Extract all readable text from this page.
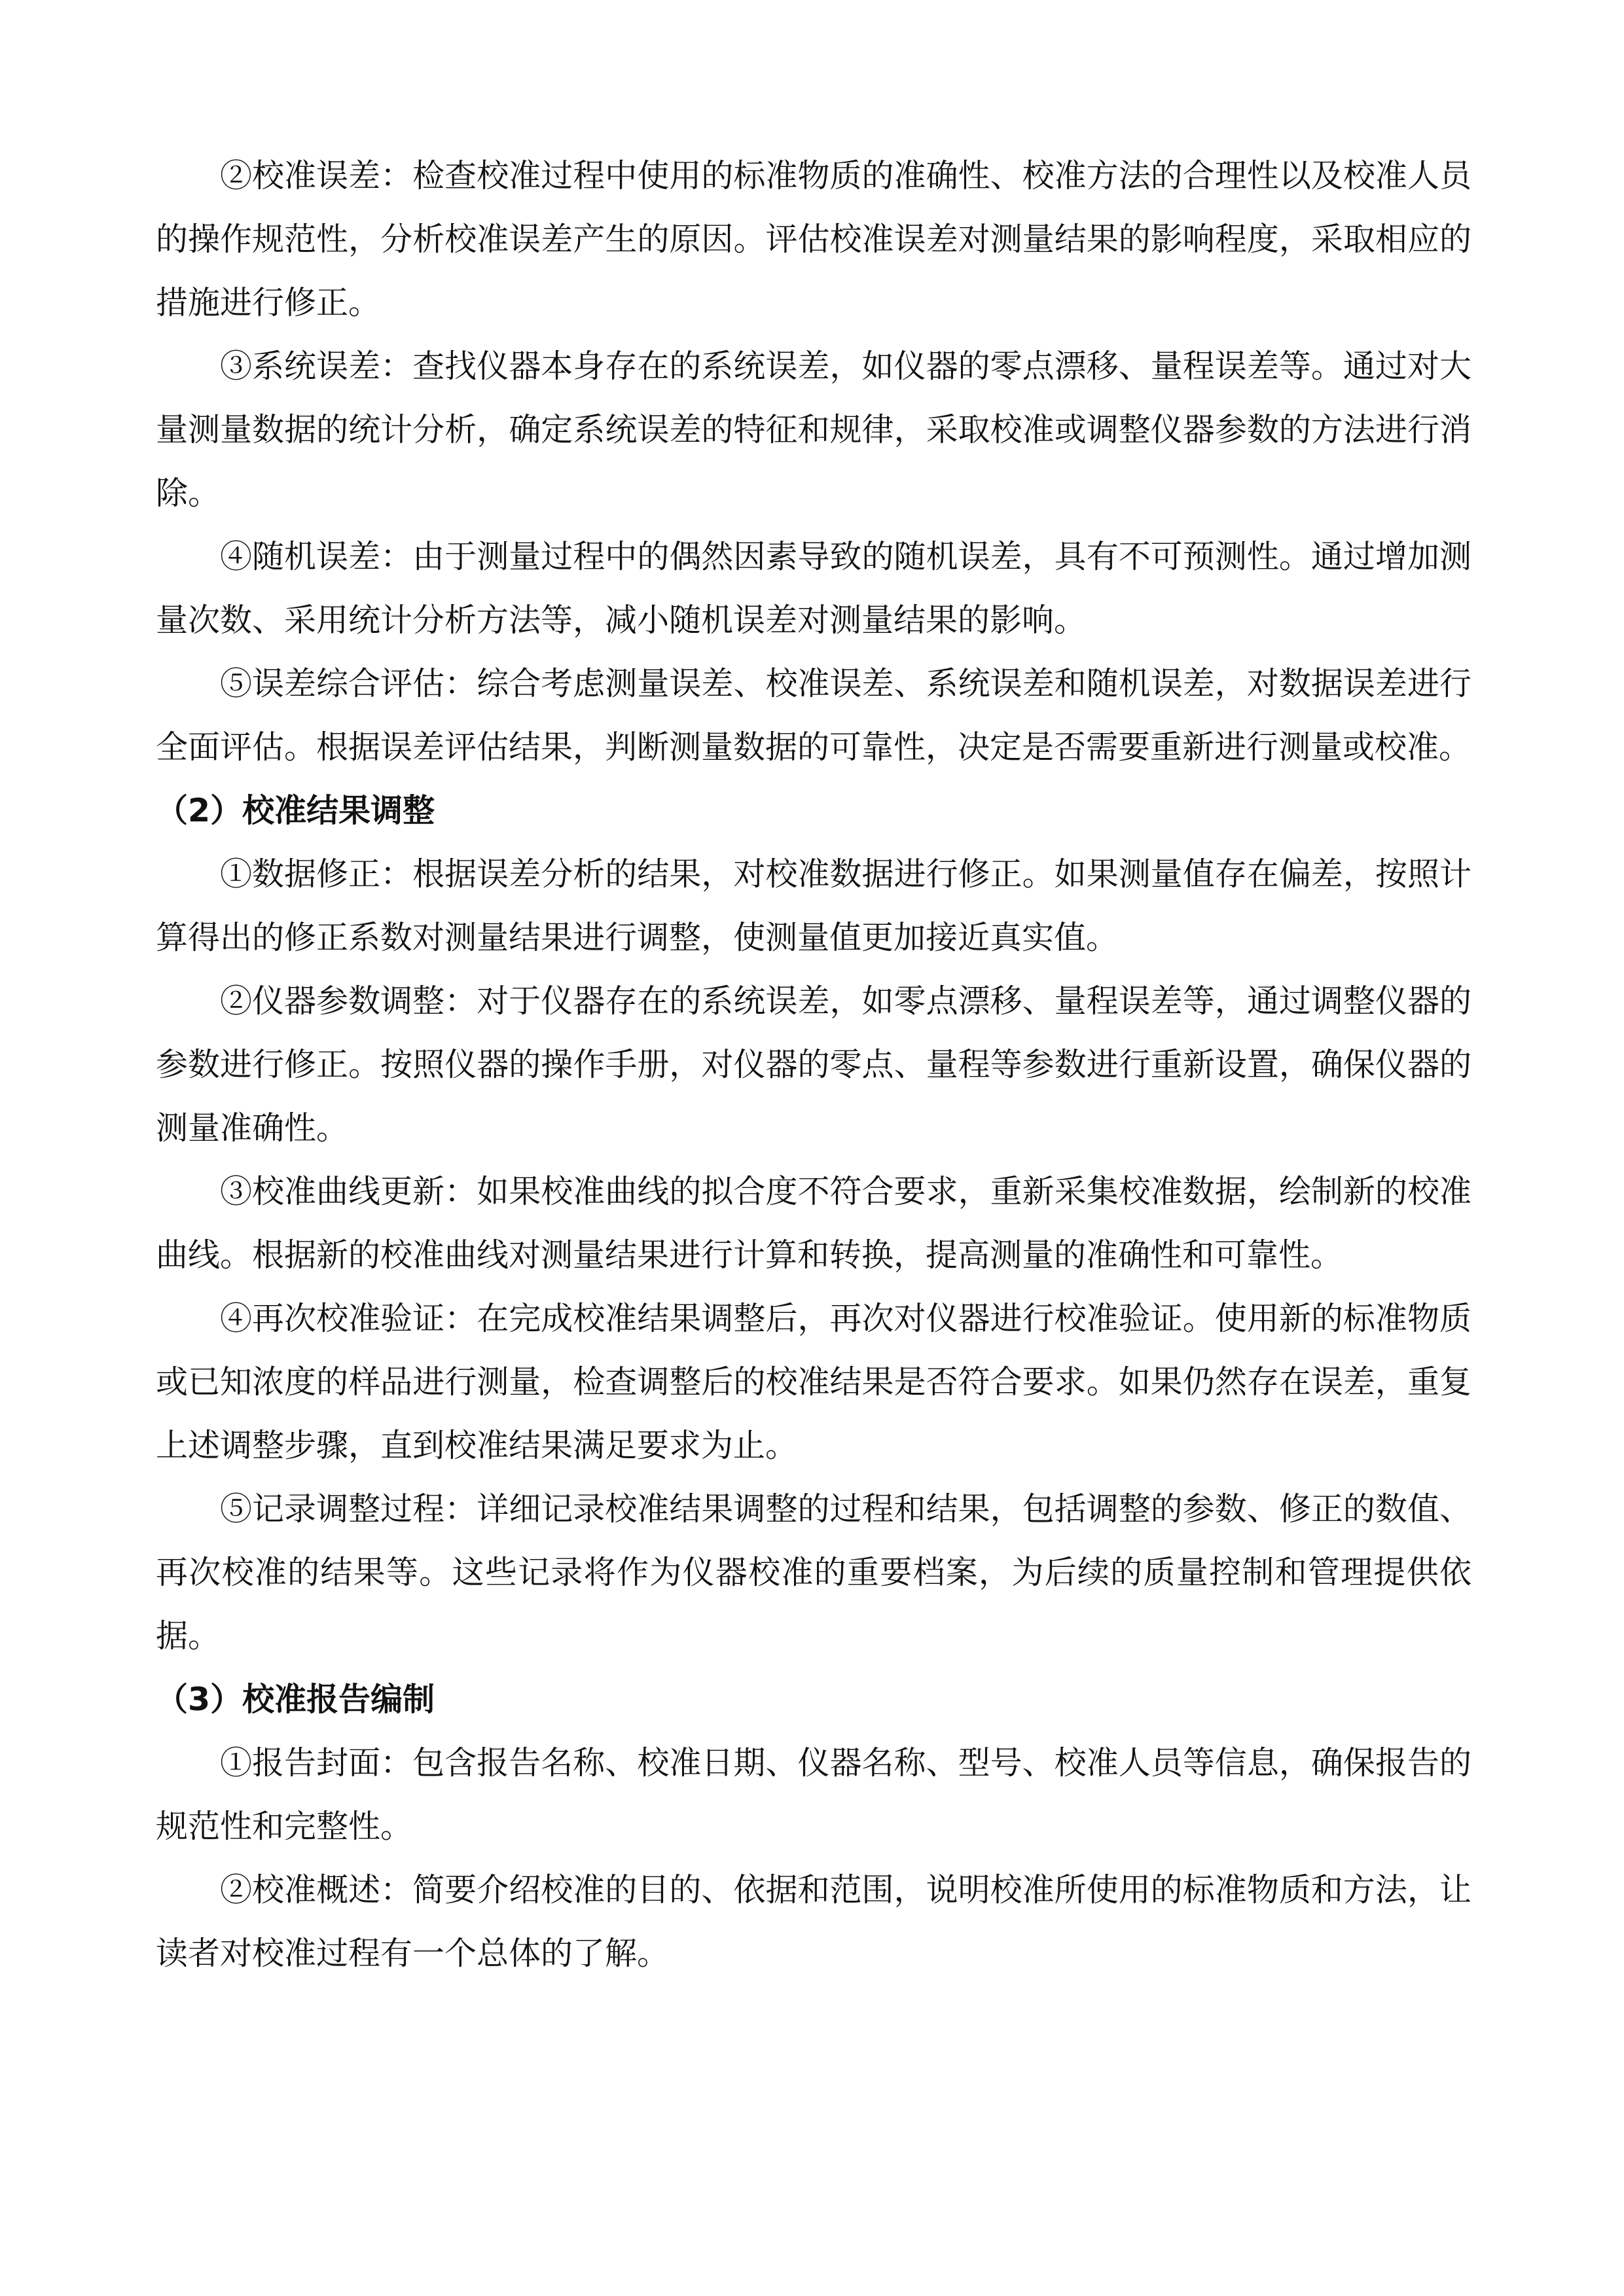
②校准误差：检查校准过程中使用的标准物质的准确性、校准方法的合理性以及校准人员的操作规范性，分析校准误差产生的原因。评估校准误差对测量结果的影响程度，采取相应的措施进行修正。

③系统误差：查找仪器本身存在的系统误差，如仪器的零点漂移、量程误差等。通过对大量测量数据的统计分析，确定系统误差的特征和规律，采取校准或调整仪器参数的方法进行消除。

④随机误差：由于测量过程中的偶然因素导致的随机误差，具有不可预测性。通过增加测量次数、采用统计分析方法等，减小随机误差对测量结果的影响。

⑤误差综合评估：综合考虑测量误差、校准误差、系统误差和随机误差，对数据误差进行全面评估。根据误差评估结果，判断测量数据的可靠性，决定是否需要重新进行测量或校准。

（2）校准结果调整

①数据修正：根据误差分析的结果，对校准数据进行修正。如果测量值存在偏差，按照计算得出的修正系数对测量结果进行调整，使测量值更加接近真实值。

②仪器参数调整：对于仪器存在的系统误差，如零点漂移、量程误差等，通过调整仪器的参数进行修正。按照仪器的操作手册，对仪器的零点、量程等参数进行重新设置，确保仪器的测量准确性。

③校准曲线更新：如果校准曲线的拟合度不符合要求，重新采集校准数据，绘制新的校准曲线。根据新的校准曲线对测量结果进行计算和转换，提高测量的准确性和可靠性。

④再次校准验证：在完成校准结果调整后，再次对仪器进行校准验证。使用新的标准物质或已知浓度的样品进行测量，检查调整后的校准结果是否符合要求。如果仍然存在误差，重复上述调整步骤，直到校准结果满足要求为止。

⑤记录调整过程：详细记录校准结果调整的过程和结果，包括调整的参数、修正的数值、再次校准的结果等。这些记录将作为仪器校准的重要档案，为后续的质量控制和管理提供依据。

（3）校准报告编制

①报告封面：包含报告名称、校准日期、仪器名称、型号、校准人员等信息，确保报告的规范性和完整性。

②校准概述：简要介绍校准的目的、依据和范围，说明校准所使用的标准物质和方法，让读者对校准过程有一个总体的了解。
